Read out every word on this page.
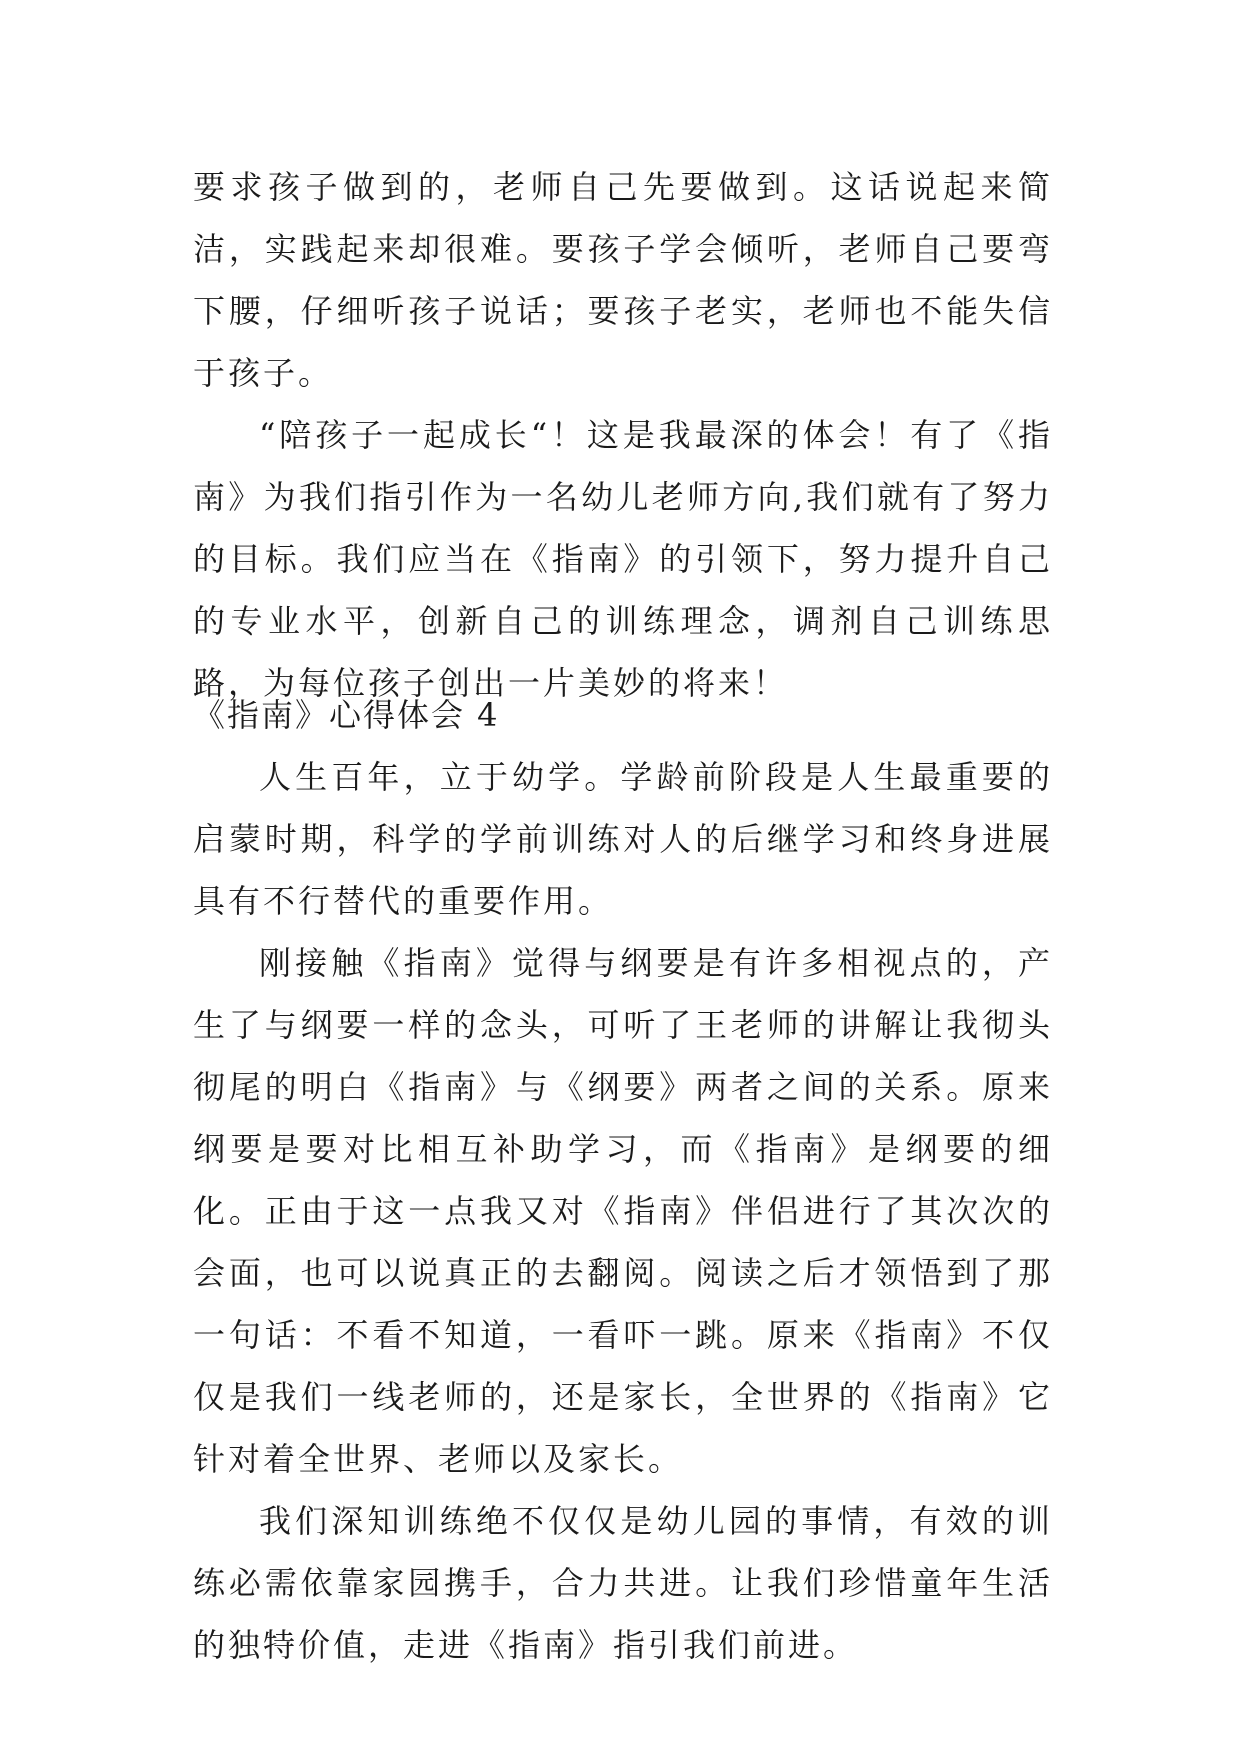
要求孩子做到的，老师自己先要做到。这话说起来简洁，实践起来却很难。要孩子学会倾听，老师自己要弯下腰，仔细听孩子说话；要孩子老实，老师也不能失信于孩子。

“陪孩子一起成长“！这是我最深的体会！有了《指南》为我们指引作为一名幼儿老师方向,我们就有了努力的目标。我们应当在《指南》的引领下，努力提升自己的专业水平，创新自己的训练理念，调剂自己训练思路，为每位孩子创出一片美妙的将来！

《指南》心得体会 4

人生百年，立于幼学。学龄前阶段是人生最重要的启蒙时期，科学的学前训练对人的后继学习和终身进展具有不行替代的重要作用。

刚接触《指南》觉得与纲要是有许多相视点的，产生了与纲要一样的念头，可听了王老师的讲解让我彻头彻尾的明白《指南》与《纲要》两者之间的关系。原来纲要是要对比相互补助学习，而《指南》是纲要的细化。正由于这一点我又对《指南》伴侣进行了其次次的会面，也可以说真正的去翻阅。阅读之后才领悟到了那一句话：不看不知道，一看吓一跳。原来《指南》不仅仅是我们一线老师的，还是家长，全世界的《指南》它针对着全世界、老师以及家长。

我们深知训练绝不仅仅是幼儿园的事情，有效的训练必需依靠家园携手，合力共进。让我们珍惜童年生活的独特价值，走进《指南》指引我们前进。
